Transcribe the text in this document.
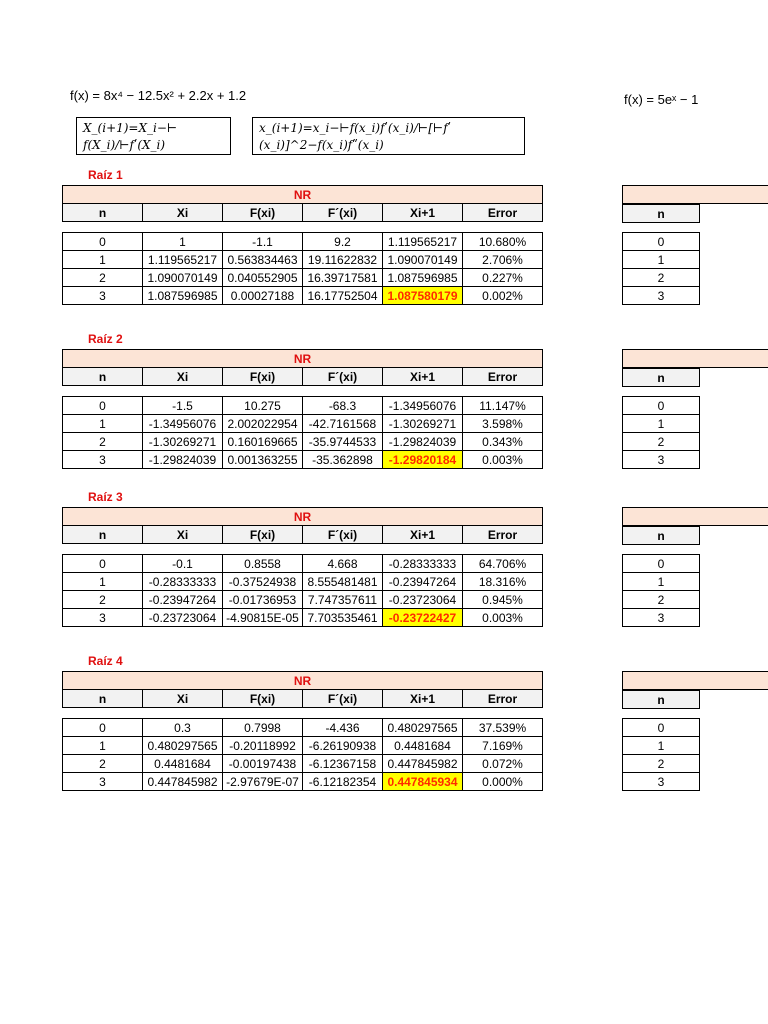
f(x) = 8x⁴ − 12.5x² + 2.2x + 1.2	f(x) = 5eˣ − 1
X_(i+1)=X_i−⊢
f(X_i)/⊢fʹ(X_i)
x_(i+1)=x_i−⊢f(x_i)fʹ(x_i)/⊢[⊢fʹ
(x_i)]^2−f(x_i)fʺ(x_i)
Raíz 1
NR
n	Xi	F(xi)	F´(xi)	Xi+1	Error
0	1	-1.1	9.2	1.119565217	10.680%
1	1.119565217	0.563834463	19.11622832	1.090070149	2.706%
2	1.090070149	0.040552905	16.39717581	1.087596985	0.227%
3	1.087596985	0.00027188	16.17752504	1.087580179	0.002%
n
0
1
2
3
Raíz 2
NR
n	Xi	F(xi)	F´(xi)	Xi+1	Error
0	-1.5	10.275	-68.3	-1.34956076	11.147%
1	-1.34956076	2.002022954	-42.7161568	-1.30269271	3.598%
2	-1.30269271	0.160169665	-35.9744533	-1.29824039	0.343%
3	-1.29824039	0.001363255	-35.362898	-1.29820184	0.003%
n
0
1
2
3
Raíz 3
NR
n	Xi	F(xi)	F´(xi)	Xi+1	Error
0	-0.1	0.8558	4.668	-0.28333333	64.706%
1	-0.28333333	-0.37524938	8.555481481	-0.23947264	18.316%
2	-0.23947264	-0.01736953	7.747357611	-0.23723064	0.945%
3	-0.23723064	-4.90815E-05	7.703535461	-0.23722427	0.003%
n
0
1
2
3
Raíz 4
NR
n	Xi	F(xi)	F´(xi)	Xi+1	Error
0	0.3	0.7998	-4.436	0.480297565	37.539%
1	0.480297565	-0.20118992	-6.26190938	0.4481684	7.169%
2	0.4481684	-0.00197438	-6.12367158	0.447845982	0.072%
3	0.447845982	-2.97679E-07	-6.12182354	0.447845934	0.000%
n
0
1
2
3
